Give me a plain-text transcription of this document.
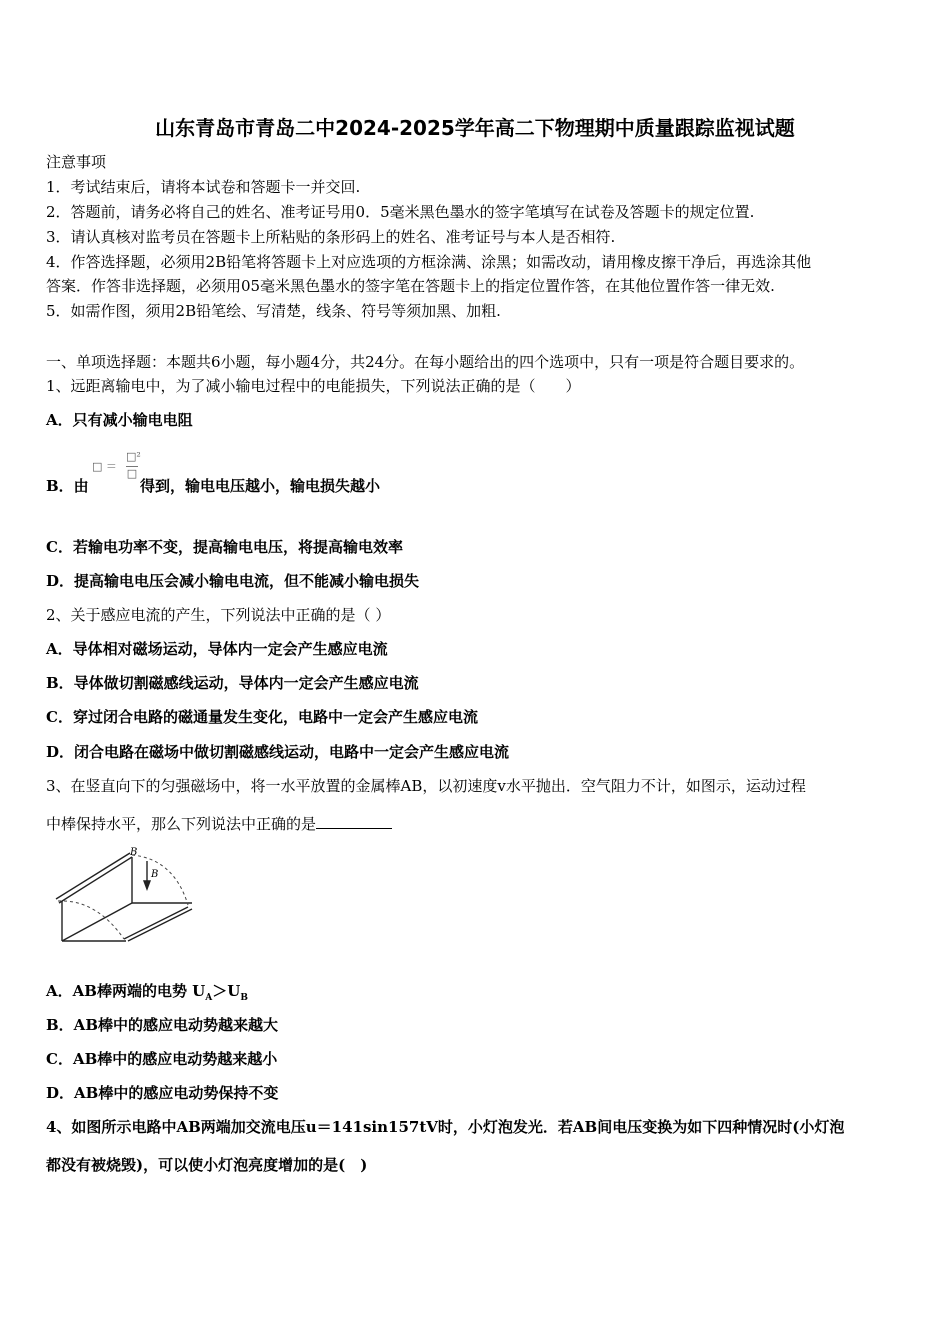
山东青岛市青岛二中2024-2025学年高二下物理期中质量跟踪监视试题
注意事项
1．考试结束后，请将本试卷和答题卡一并交回.
2．答题前，请务必将自己的姓名、准考证号用0．5毫米黑色墨水的签字笔填写在试卷及答题卡的规定位置.
3．请认真核对监考员在答题卡上所粘贴的条形码上的姓名、准考证号与本人是否相符.
4．作答选择题，必须用2B铅笔将答题卡上对应选项的方框涂满、涂黑；如需改动，请用橡皮擦干净后，再选涂其他
答案．作答非选择题，必须用05毫米黑色墨水的签字笔在答题卡上的指定位置作答，在其他位置作答一律无效.
5．如需作图，须用2B铅笔绘、写清楚，线条、符号等须加黑、加粗.
一、单项选择题：本题共6小题，每小题4分，共24分。在每小题给出的四个选项中，只有一项是符合题目要求的。
1、远距离输电中，为了减小输电过程中的电能损失，下列说法正确的是（　　）
A．只有减小输电电阻
□ ＝
□²
□
B．由	得到，输电电压越小，输电损失越小
C．若输电功率不变，提高输电电压，将提高输电效率
D．提高输电电压会减小输电电流，但不能减小输电损失
2、关于感应电流的产生，下列说法中正确的是（ ）
A．导体相对磁场运动，导体内一定会产生感应电流
B．导体做切割磁感线运动，导体内一定会产生感应电流
C．穿过闭合电路的磁通量发生变化，电路中一定会产生感应电流
D．闭合电路在磁场中做切割磁感线运动，电路中一定会产生感应电流
3、在竖直向下的匀强磁场中，将一水平放置的金属棒AB，以初速度v水平抛出．空气阻力不计，如图示，运动过程
中棒保持水平，那么下列说法中正确的是
B
B
A．AB棒两端的电势 $U_A>U_B$
B．AB棒中的感应电动势越来越大
C．AB棒中的感应电动势越来越小
D．AB棒中的感应电动势保持不变
4、如图所示电路中AB两端加交流电压u＝141sin157tV时，小灯泡发光．若AB间电压变换为如下四种情况时(小灯泡
都没有被烧毁)，可以使小灯泡亮度增加的是(　)
